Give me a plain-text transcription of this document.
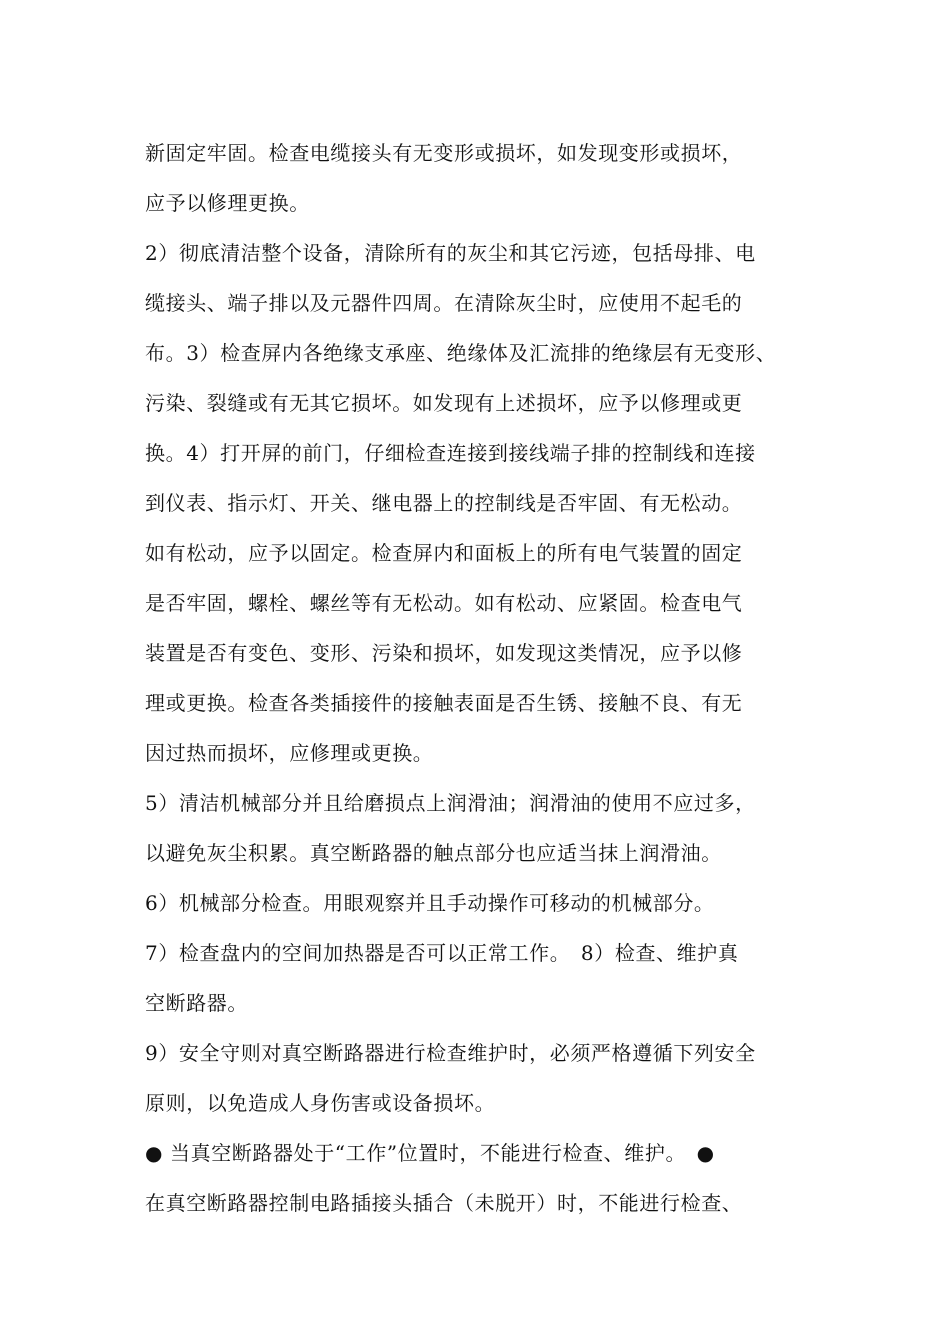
新固定牢固。检查电缆接头有无变形或损坏，如发现变形或损坏，
应予以修理更换。
2）彻底清洁整个设备，清除所有的灰尘和其它污迹，包括母排、电
缆接头、端子排以及元器件四周。在清除灰尘时，应使用不起毛的
布。3）检查屏内各绝缘支承座、绝缘体及汇流排的绝缘层有无变形、
污染、裂缝或有无其它损坏。如发现有上述损坏，应予以修理或更
换。4）打开屏的前门，仔细检查连接到接线端子排的控制线和连接
到仪表、指示灯、开关、继电器上的控制线是否牢固、有无松动。
如有松动，应予以固定。检查屏内和面板上的所有电气装置的固定
是否牢固，螺栓、螺丝等有无松动。如有松动、应紧固。检查电气
装置是否有变色、变形、污染和损坏，如发现这类情况，应予以修
理或更换。检查各类插接件的接触表面是否生锈、接触不良、有无
因过热而损坏，应修理或更换。
5）清洁机械部分并且给磨损点上润滑油；润滑油的使用不应过多，
以避免灰尘积累。真空断路器的触点部分也应适当抹上润滑油。
6）机械部分检查。用眼观察并且手动操作可移动的机械部分。
7）检查盘内的空间加热器是否可以正常工作。　8）检查、维护真
空断路器。
9）安全守则对真空断路器进行检查维护时，必须严格遵循下列安全
原则，以免造成人身伤害或设备损坏。
● 当真空断路器处于“工作”位置时，不能进行检查、维护。　●
在真空断路器控制电路插接头插合（未脱开）时，不能进行检查、
